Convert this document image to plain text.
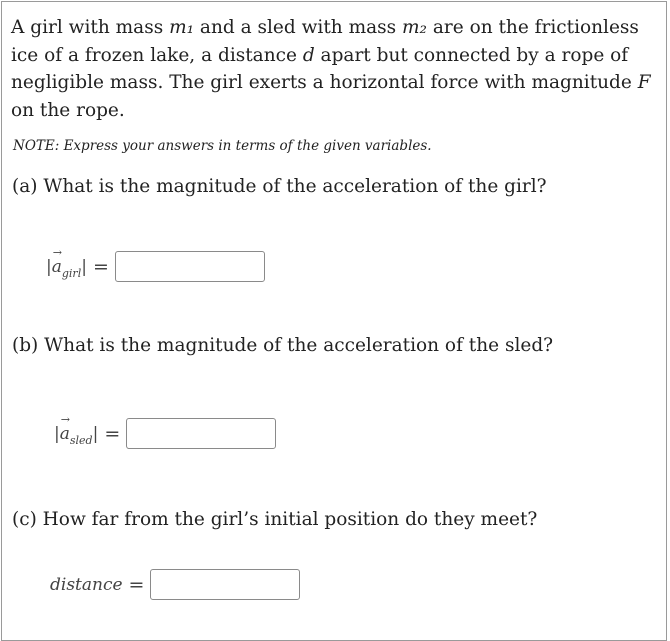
A girl with mass m₁ and a sled with mass m₂ are on the frictionless ice of a frozen lake, a distance d apart but connected by a rope of negligible mass. The girl exerts a horizontal force with magnitude F on the rope.
NOTE: Express your answers in terms of the given variables.
(a) What is the magnitude of the acceleration of the girl?
|
→
$a_{girl}|$ =
(b) What is the magnitude of the acceleration of the sled?
|
→
$a_{sled}|$ =
(c) How far from the girl’s initial position do they meet?
distance =
